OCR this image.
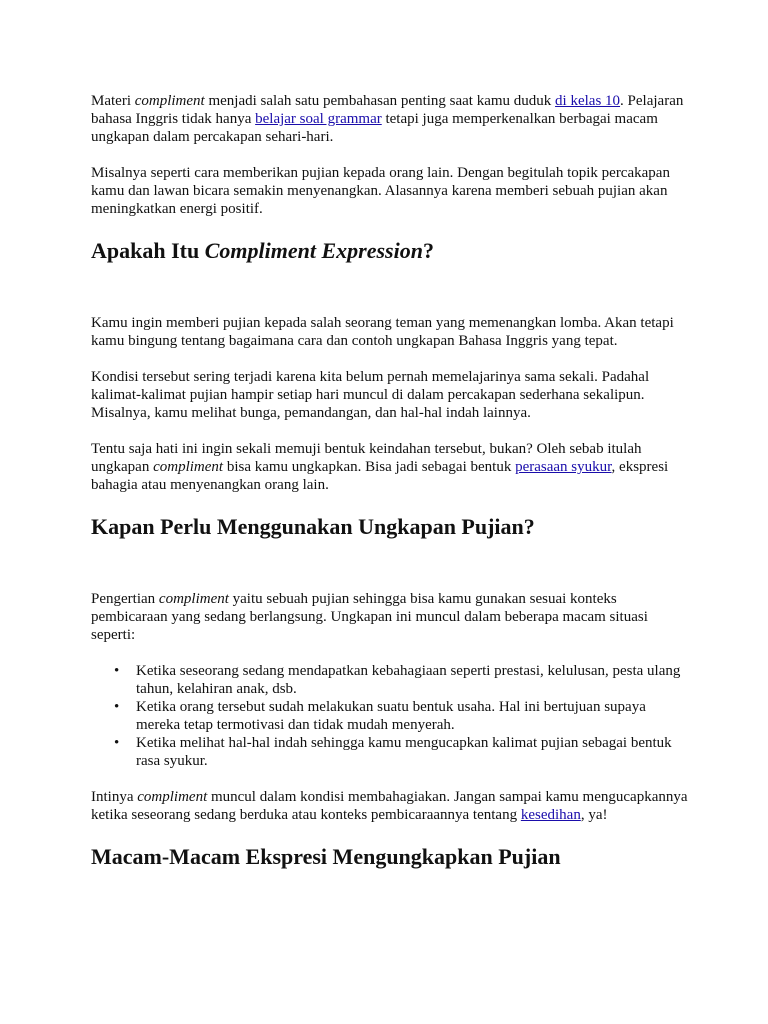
Materi compliment menjadi salah satu pembahasan penting saat kamu duduk di kelas 10. Pelajaran bahasa Inggris tidak hanya belajar soal grammar tetapi juga memperkenalkan berbagai macam ungkapan dalam percakapan sehari-hari.

Misalnya seperti cara memberikan pujian kepada orang lain. Dengan begitulah topik percakapan kamu dan lawan bicara semakin menyenangkan. Alasannya karena memberi sebuah pujian akan meningkatkan energi positif.

Apakah Itu Compliment Expression?

Kamu ingin memberi pujian kepada salah seorang teman yang memenangkan lomba. Akan tetapi kamu bingung tentang bagaimana cara dan contoh ungkapan Bahasa Inggris yang tepat.

Kondisi tersebut sering terjadi karena kita belum pernah memelajarinya sama sekali. Padahal kalimat-kalimat pujian hampir setiap hari muncul di dalam percakapan sederhana sekalipun. Misalnya, kamu melihat bunga, pemandangan, dan hal-hal indah lainnya.

Tentu saja hati ini ingin sekali memuji bentuk keindahan tersebut, bukan? Oleh sebab itulah ungkapan compliment bisa kamu ungkapkan. Bisa jadi sebagai bentuk perasaan syukur, ekspresi bahagia atau menyenangkan orang lain.

Kapan Perlu Menggunakan Ungkapan Pujian?

Pengertian compliment yaitu sebuah pujian sehingga bisa kamu gunakan sesuai konteks pembicaraan yang sedang berlangsung. Ungkapan ini muncul dalam beberapa macam situasi seperti:

• Ketika seseorang sedang mendapatkan kebahagiaan seperti prestasi, kelulusan, pesta ulang tahun, kelahiran anak, dsb.
• Ketika orang tersebut sudah melakukan suatu bentuk usaha. Hal ini bertujuan supaya mereka tetap termotivasi dan tidak mudah menyerah.
• Ketika melihat hal-hal indah sehingga kamu mengucapkan kalimat pujian sebagai bentuk rasa syukur.

Intinya compliment muncul dalam kondisi membahagiakan. Jangan sampai kamu mengucapkannya ketika seseorang sedang berduka atau konteks pembicaraannya tentang kesedihan, ya!

Macam-Macam Ekspresi Mengungkapkan Pujian
